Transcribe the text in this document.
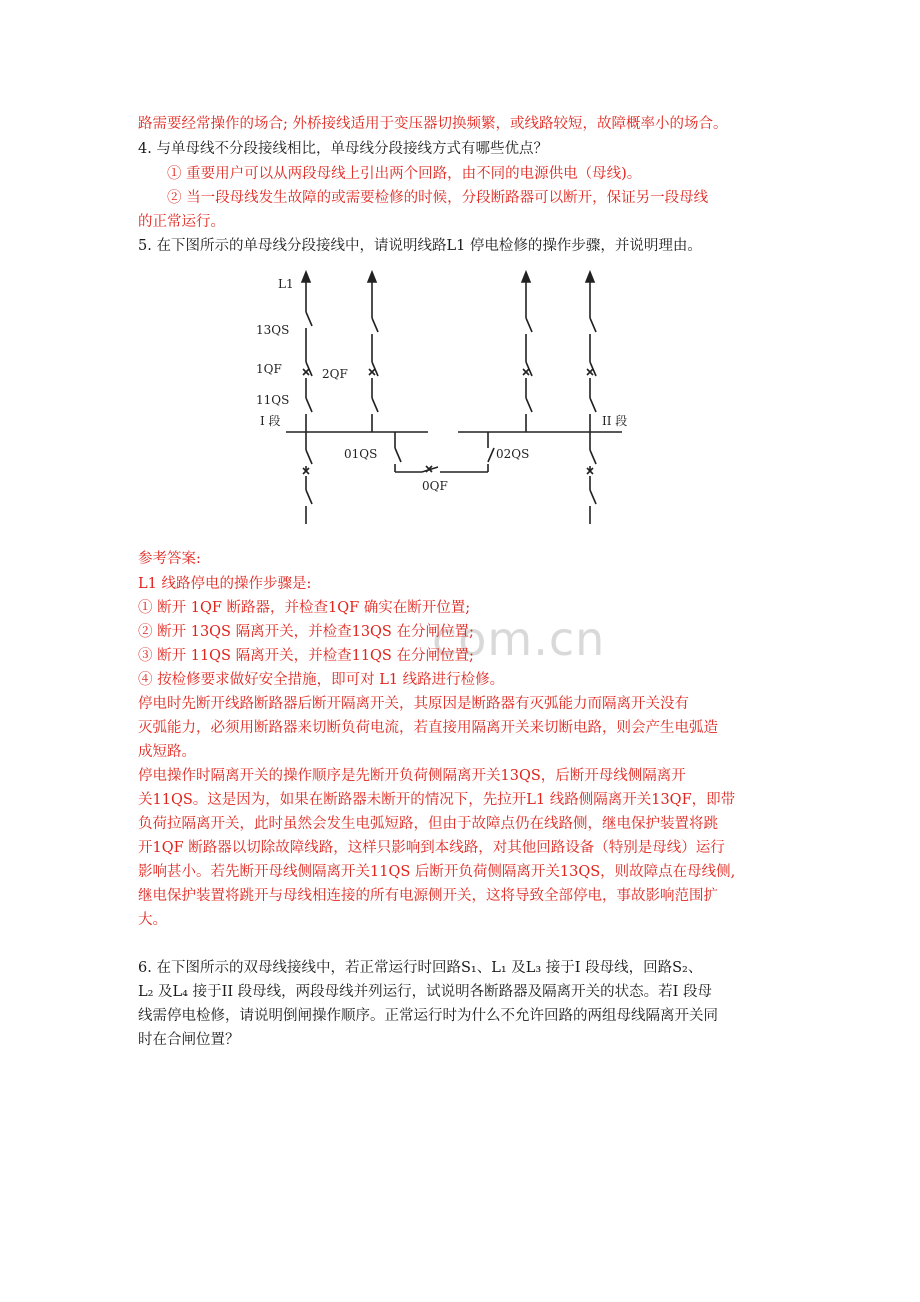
路需要经常操作的场合; 外桥接线适用于变压器切换频繁，或线路较短，故障概率小的场合。
4. 与单母线不分段接线相比，单母线分段接线方式有哪些优点？
① 重要用户可以从两段母线上引出两个回路，由不同的电源供电（母线)。
② 当一段母线发生故障的或需要检修的时候，分段断路器可以断开，保证另一段母线
的正常运行。
5. 在下图所示的单母线分段接线中，请说明线路L1 停电检修的操作步骤，并说明理由。
L1
13QS
1QF	2QF
11QS
I 段	II 段
01QS	02QS
0QF
com.cn
参考答案:
L1 线路停电的操作步骤是:
① 断开 1QF 断路器，并检查1QF 确实在断开位置;
② 断开 13QS 隔离开关，并检查13QS 在分闸位置;
③ 断开 11QS 隔离开关，并检查11QS 在分闸位置;
④ 按检修要求做好安全措施，即可对 L1 线路进行检修。
停电时先断开线路断路器后断开隔离开关，其原因是断路器有灭弧能力而隔离开关没有
灭弧能力，必须用断路器来切断负荷电流，若直接用隔离开关来切断电路，则会产生电弧造
成短路。
停电操作时隔离开关的操作顺序是先断开负荷侧隔离开关13QS，后断开母线侧隔离开
关11QS。这是因为，如果在断路器未断开的情况下，先拉开L1 线路侧隔离开关13QF，即带
负荷拉隔离开关，此时虽然会发生电弧短路，但由于故障点仍在线路侧，继电保护装置将跳
开1QF 断路器以切除故障线路，这样只影响到本线路，对其他回路设备（特别是母线）运行
影响甚小。若先断开母线侧隔离开关11QS 后断开负荷侧隔离开关13QS，则故障点在母线侧,
继电保护装置将跳开与母线相连接的所有电源侧开关，这将导致全部停电，事故影响范围扩
大。
6. 在下图所示的双母线接线中，若正常运行时回路S₁、L₁ 及L₃ 接于I 段母线，回路S₂、
L₂ 及L₄ 接于II 段母线，两段母线并列运行，试说明各断路器及隔离开关的状态。若I 段母
线需停电检修，请说明倒闸操作顺序。正常运行时为什么不允许回路的两组母线隔离开关同
时在合闸位置？
